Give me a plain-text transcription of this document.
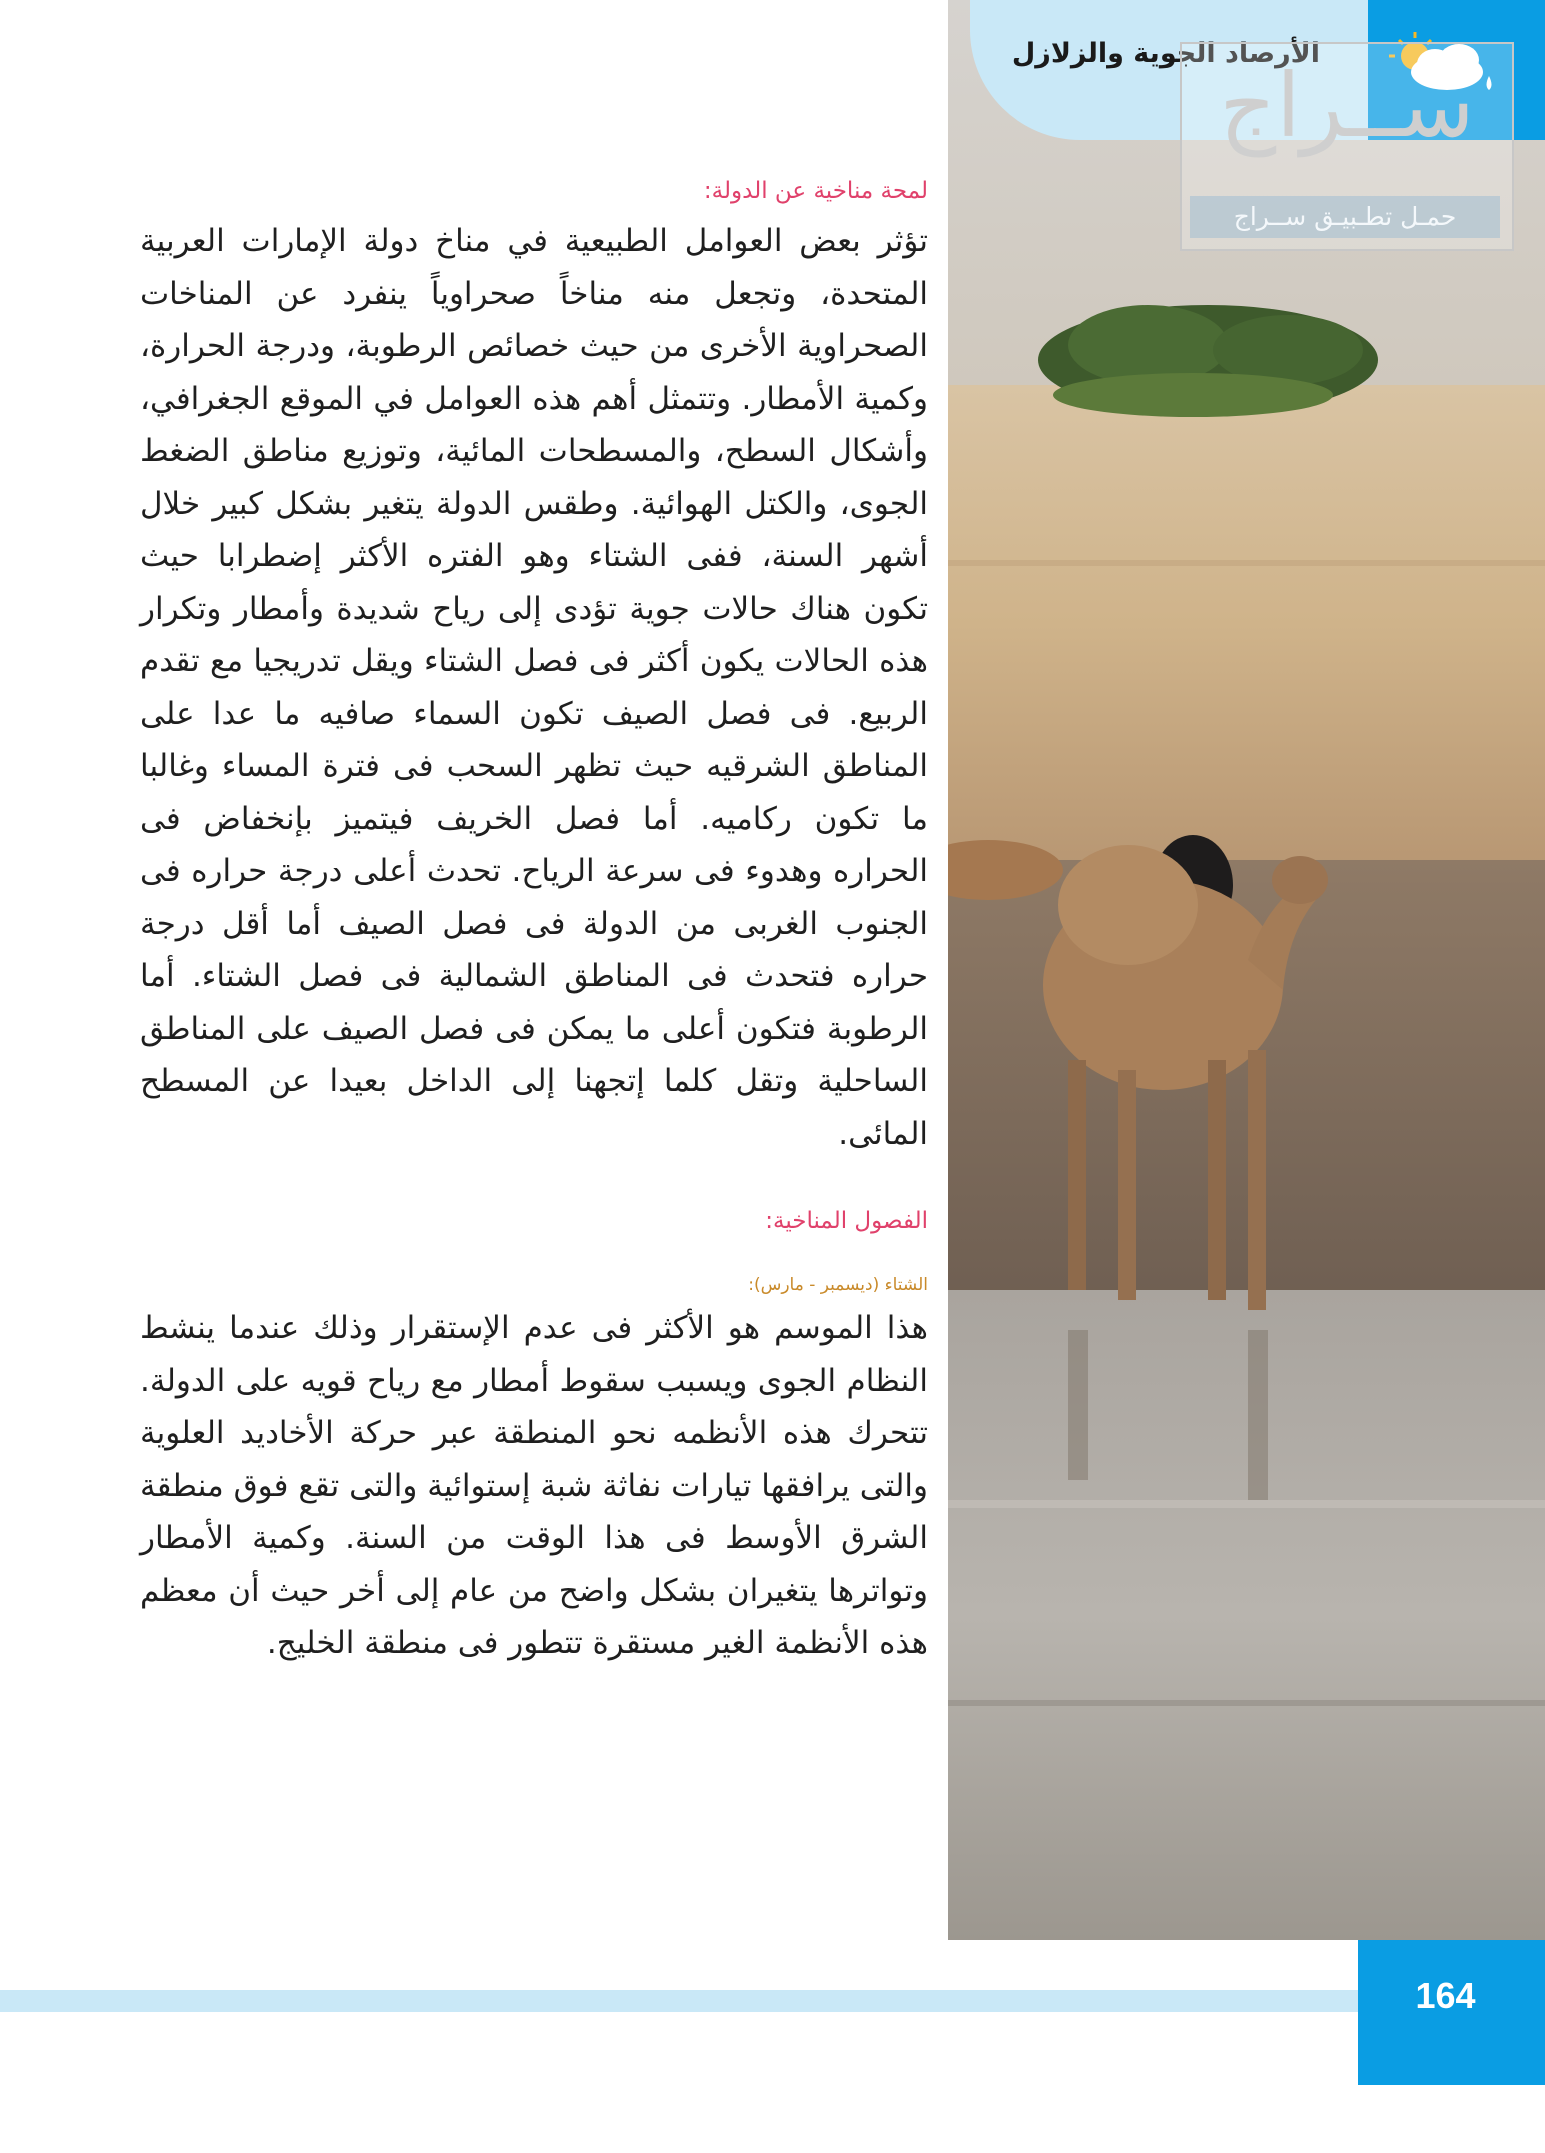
الأرصاد الجوية والزلازل
ســراج
حمـل تطـبيـق ســراج
لمحة مناخية عن الدولة:
تؤثر بعض العوامل الطبيعية في مناخ دولة الإمارات العربية المتحدة، وتجعل منه مناخاً صحراوياً ينفرد عن المناخات الصحراوية الأخرى من حيث خصائص الرطوبة، ودرجة الحرارة، وكمية الأمطار. وتتمثل أهم هذه العوامل في الموقع الجغرافي، وأشكال السطح، والمسطحات المائية، وتوزيع مناطق الضغط الجوى، والكتل الهوائية. وطقس الدولة يتغير بشكل كبير خلال أشهر السنة، ففى الشتاء وهو الفتره الأكثر إضطرابا حيث تكون هناك حالات جوية تؤدى إلى رياح شديدة وأمطار وتكرار هذه الحالات يكون أكثر فى فصل الشتاء ويقل تدريجيا مع تقدم الربيع. فى فصل الصيف تكون السماء صافيه ما عدا على المناطق الشرقيه حيث تظهر السحب فى فترة المساء وغالبا ما تكون ركاميه. أما فصل الخريف فيتميز بإنخفاض فى الحراره وهدوء فى سرعة الرياح. تحدث أعلى درجة حراره فى الجنوب الغربى من الدولة فى فصل الصيف أما أقل درجة حراره فتحدث فى المناطق الشمالية فى فصل الشتاء. أما الرطوبة فتكون أعلى ما يمكن فى فصل الصيف على المناطق الساحلية وتقل كلما إتجهنا إلى الداخل بعيدا عن المسطح المائى.
الفصول المناخية:
الشتاء (ديسمبر - مارس):
هذا الموسم هو الأكثر فى عدم الإستقرار وذلك عندما ينشط النظام الجوى ويسبب سقوط أمطار مع رياح قويه على الدولة. تتحرك هذه الأنظمه نحو المنطقة عبر حركة الأخاديد العلوية والتى يرافقها تيارات نفاثة شبة إستوائية والتى تقع فوق منطقة الشرق الأوسط فى هذا الوقت من السنة. وكمية الأمطار وتواترها يتغيران بشكل واضح من عام إلى أخر حيث أن معظم هذه الأنظمة الغير مستقرة تتطور فى منطقة الخليج.
164
